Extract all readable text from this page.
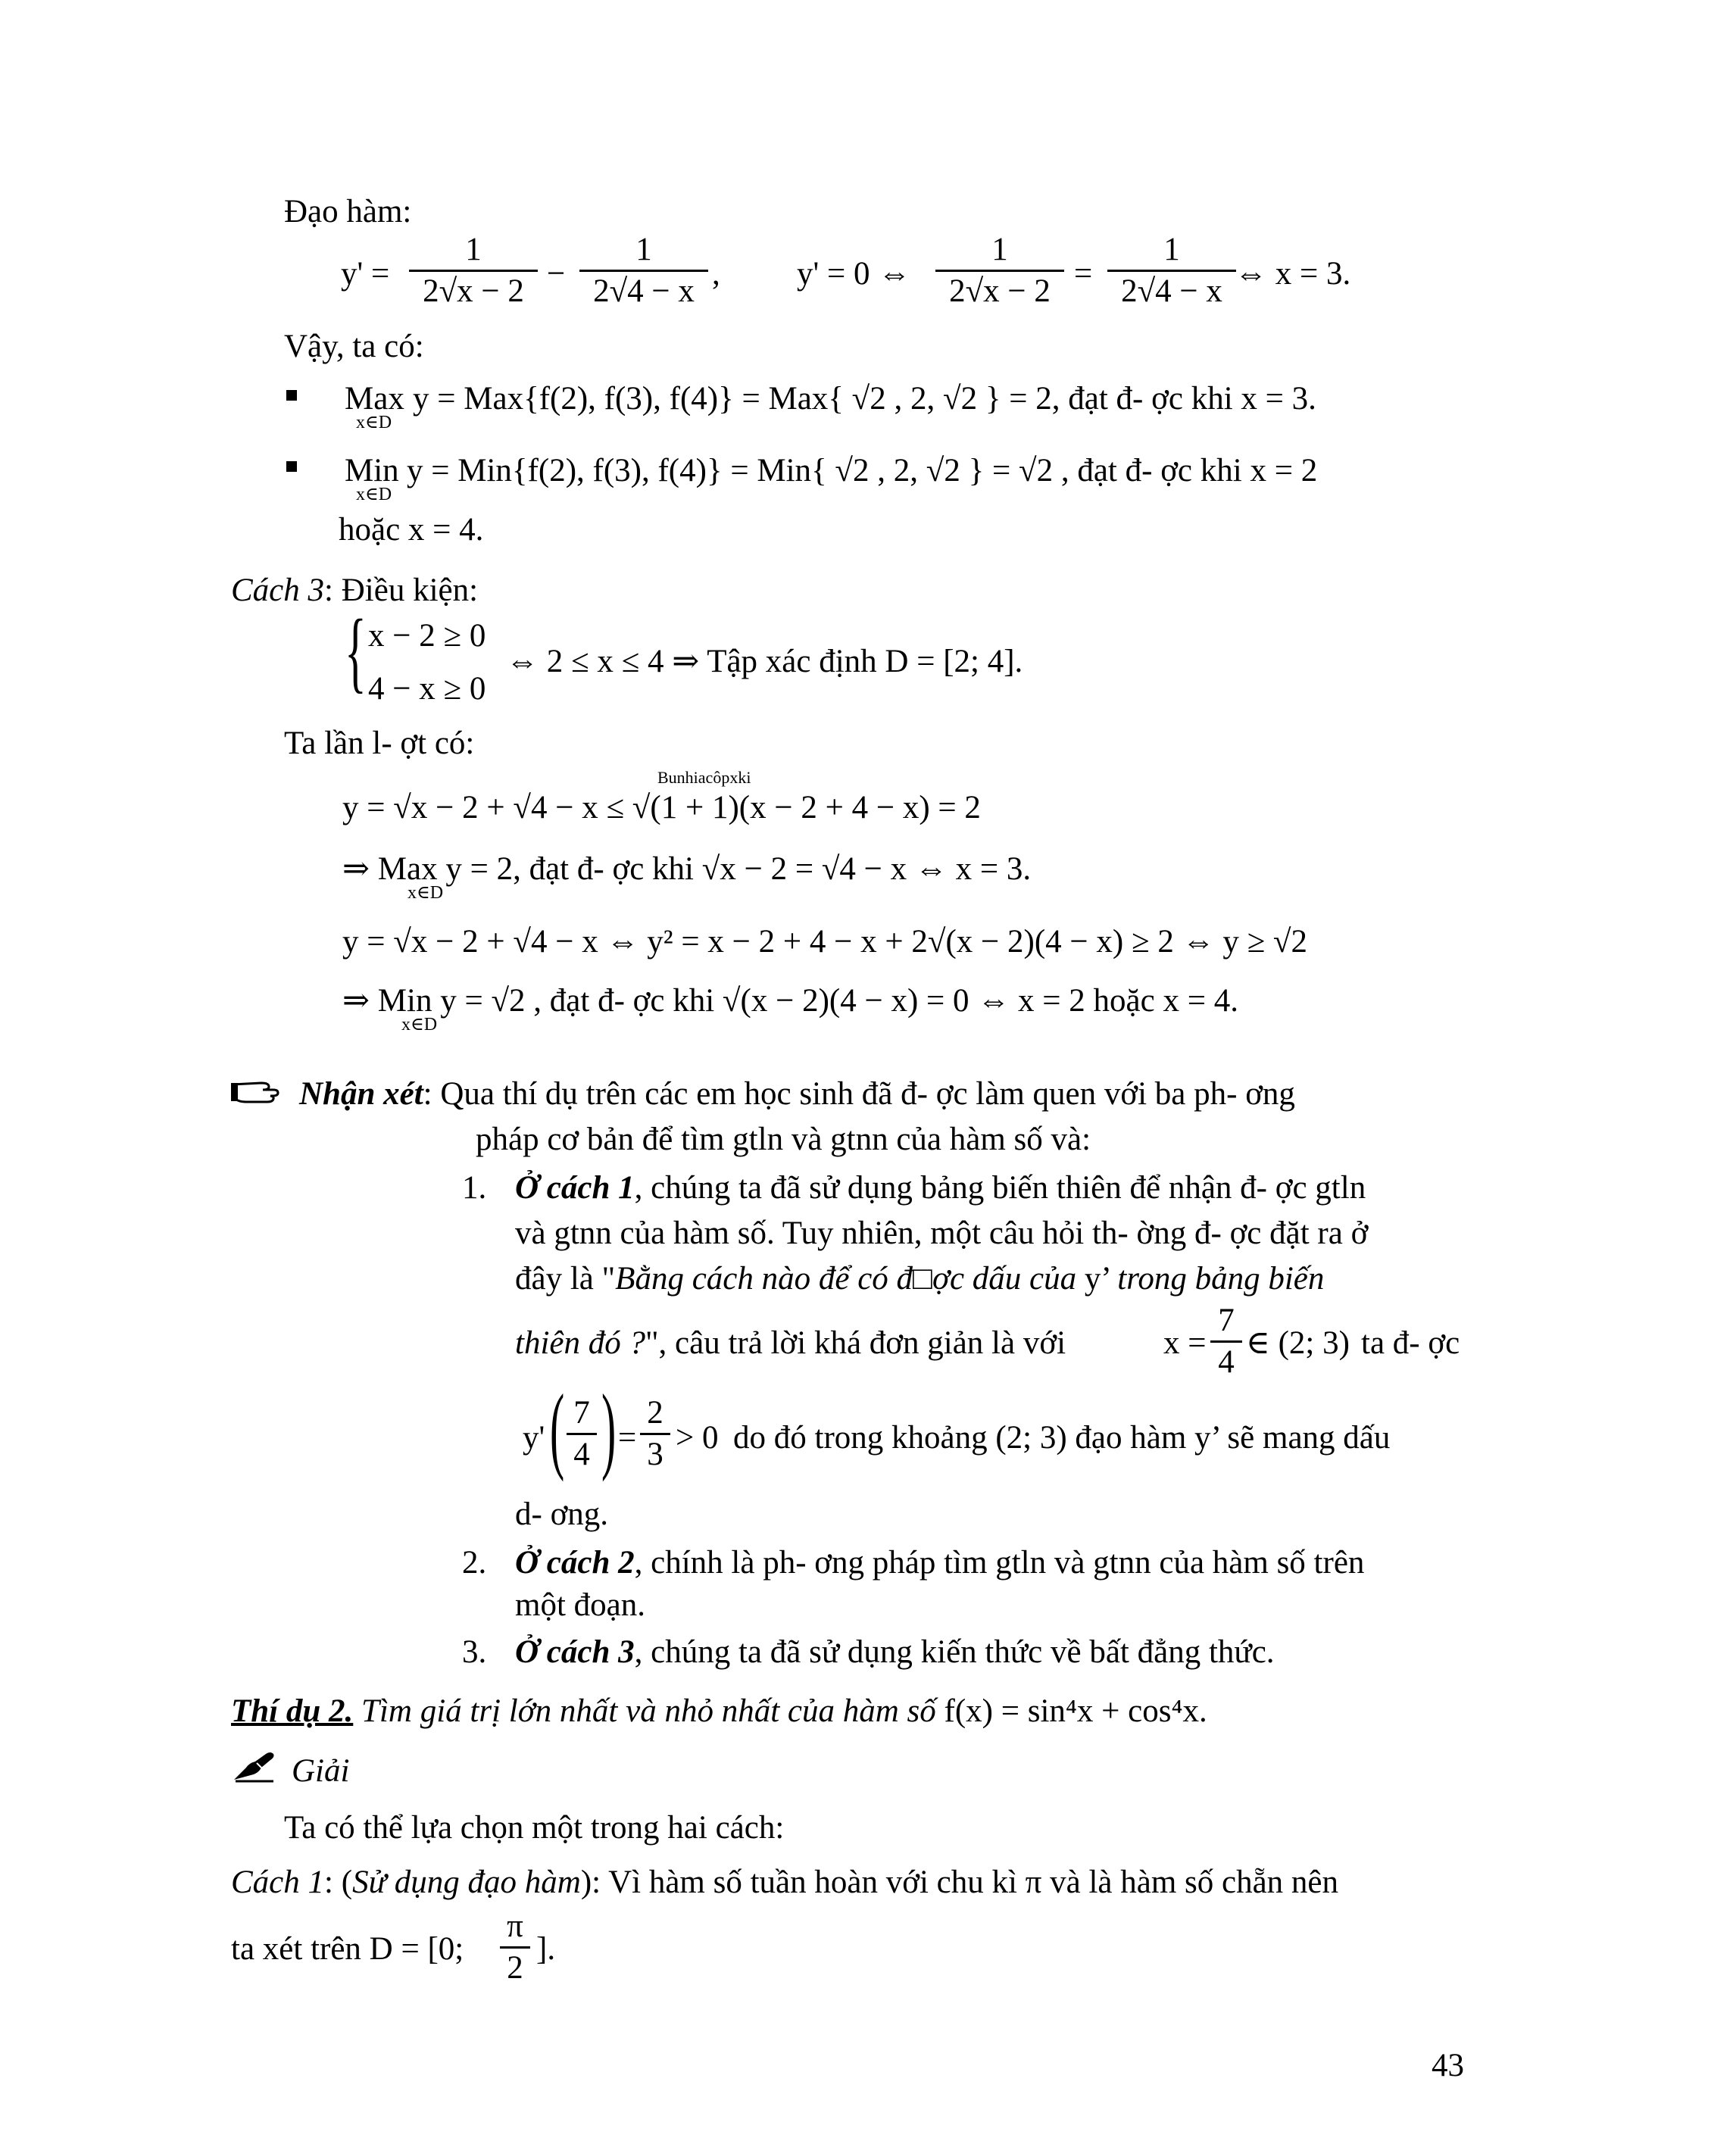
Đạo hàm:
y' =
1
2√x − 2 −
1
2√4 − x , y' = 0 ⇔
1
2√x − 2 =
1
2√4 − x ⇔ x = 3.
Vậy, ta có:
Max
x∈D
y = Max{f(2), f(3), f(4)} = Max{ √2 , 2, √2 } = 2, đạt đ- ợc khi x = 3.
Min
x∈D
y = Min{f(2), f(3), f(4)} = Min{ √2 , 2, √2 } = √2 , đạt đ- ợc khi x = 2
hoặc x = 4.
Cách 3: Điều kiện:
{ x − 2 ≥ 0
4 − x ≥ 0
⇔ 2 ≤ x ≤ 4 ⇒ Tập xác định D = [2; 4].
Ta lần l- ợt có:
Bunhiacôpxki
y = √x − 2 + √4 − x ≤ √(1 + 1)(x − 2 + 4 − x) = 2
⇒ Max y = 2, đạt đ- ợc khi √x − 2 = √4 − x ⇔ x = 3.
x∈D
y = √x − 2 + √4 − x ⇔ y² = x − 2 + 4 − x + 2√(x − 2)(4 − x) ≥ 2 ⇔ y ≥ √2
⇒ Min y = √2 , đạt đ- ợc khi √(x − 2)(4 − x) = 0 ⇔ x = 2 hoặc x = 4.
x∈D
Nhận xét: Qua thí dụ trên các em học sinh đã đ- ợc làm quen với ba ph- ơng
pháp cơ bản để tìm gtln và gtnn của hàm số và:
1. Ở cách 1, chúng ta đã sử dụng bảng biến thiên để nhận đ- ợc gtln
và gtnn của hàm số. Tuy nhiên, một câu hỏi th- ờng đ- ợc đặt ra ở
đây là "Bằng cách nào để có đ□ợc dấu của y’ trong bảng biến
thiên đó ?", câu trả lời khá đơn giản là với	x =
7
4
∈ (2; 3) ta đ- ợc
y' ( 7
4 ) =
2
3 > 0 do đó trong khoảng (2; 3) đạo hàm y’ sẽ mang dấu
d- ơng.
2. Ở cách 2, chính là ph- ơng pháp tìm gtln và gtnn của hàm số trên
một đoạn.
3. Ở cách 3, chúng ta đã sử dụng kiến thức về bất đẳng thức.
Thí dụ 2. Tìm giá trị lớn nhất và nhỏ nhất của hàm số f(x) = sin⁴x + cos⁴x.
Giải
Ta có thể lựa chọn một trong hai cách:
Cách 1: (Sử dụng đạo hàm): Vì hàm số tuần hoàn với chu kì π và là hàm số chẵn nên
ta xét trên D = [0;
π
2
].
43
